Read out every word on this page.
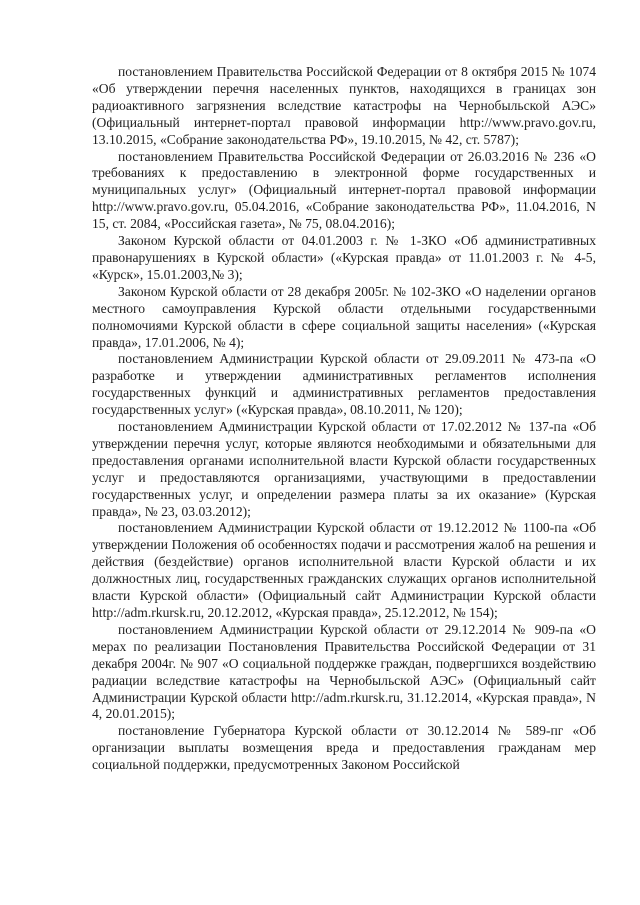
постановлением Правительства Российской Федерации от 8 октября 2015 № 1074 «Об утверждении перечня населенных пунктов, находящихся в границах зон радиоактивного загрязнения вследствие катастрофы на Чернобыльской АЭС» (Официальный интернет-портал правовой информации http://www.pravo.gov.ru, 13.10.2015, «Собрание законодательства РФ», 19.10.2015, № 42, ст. 5787);

постановлением Правительства Российской Федерации от 26.03.2016 № 236 «О требованиях к предоставлению в электронной форме государственных и муниципальных услуг» (Официальный интернет-портал правовой информации http://www.pravo.gov.ru, 05.04.2016, «Собрание законодательства РФ», 11.04.2016, N 15, ст. 2084, «Российская газета», № 75, 08.04.2016);

Законом Курской области от 04.01.2003 г. № 1-ЗКО «Об административных правонарушениях в Курской области» («Курская правда» от 11.01.2003 г. № 4-5, «Курск», 15.01.2003,№ 3);

Законом Курской области от 28 декабря 2005г. № 102-ЗКО «О наделении органов местного самоуправления Курской области отдельными государственными полномочиями Курской области в сфере социальной защиты населения» («Курская правда», 17.01.2006, № 4);

постановлением Администрации Курской области от 29.09.2011 № 473-па «О разработке и утверждении административных регламентов исполнения государственных функций и административных регламентов предоставления государственных услуг» («Курская правда», 08.10.2011, № 120);

постановлением Администрации Курской области от 17.02.2012 № 137-па «Об утверждении перечня услуг, которые являются необходимыми и обязательными для предоставления органами исполнительной власти Курской области государственных услуг и предоставляются организациями, участвующими в предоставлении государственных услуг, и определении размера платы за их оказание» (Курская правда», № 23, 03.03.2012);

постановлением Администрации Курской области от 19.12.2012 № 1100-па «Об утверждении Положения об особенностях подачи и рассмотрения жалоб на решения и действия (бездействие) органов исполнительной власти Курской области и их должностных лиц, государственных гражданских служащих органов исполнительной власти Курской области» (Официальный сайт Администрации Курской области http://adm.rkursk.ru, 20.12.2012, «Курская правда», 25.12.2012, № 154);

постановлением Администрации Курской области от 29.12.2014 № 909-па «О мерах по реализации Постановления Правительства Российской Федерации от 31 декабря 2004г. № 907 «О социальной поддержке граждан, подвергшихся воздействию радиации вследствие катастрофы на Чернобыльской АЭС» (Официальный сайт Администрации Курской области http://adm.rkursk.ru, 31.12.2014, «Курская правда», N 4, 20.01.2015);

постановление Губернатора Курской области от 30.12.2014 № 589-пг «Об организации выплаты возмещения вреда и предоставления гражданам мер социальной поддержки, предусмотренных Законом Российской
